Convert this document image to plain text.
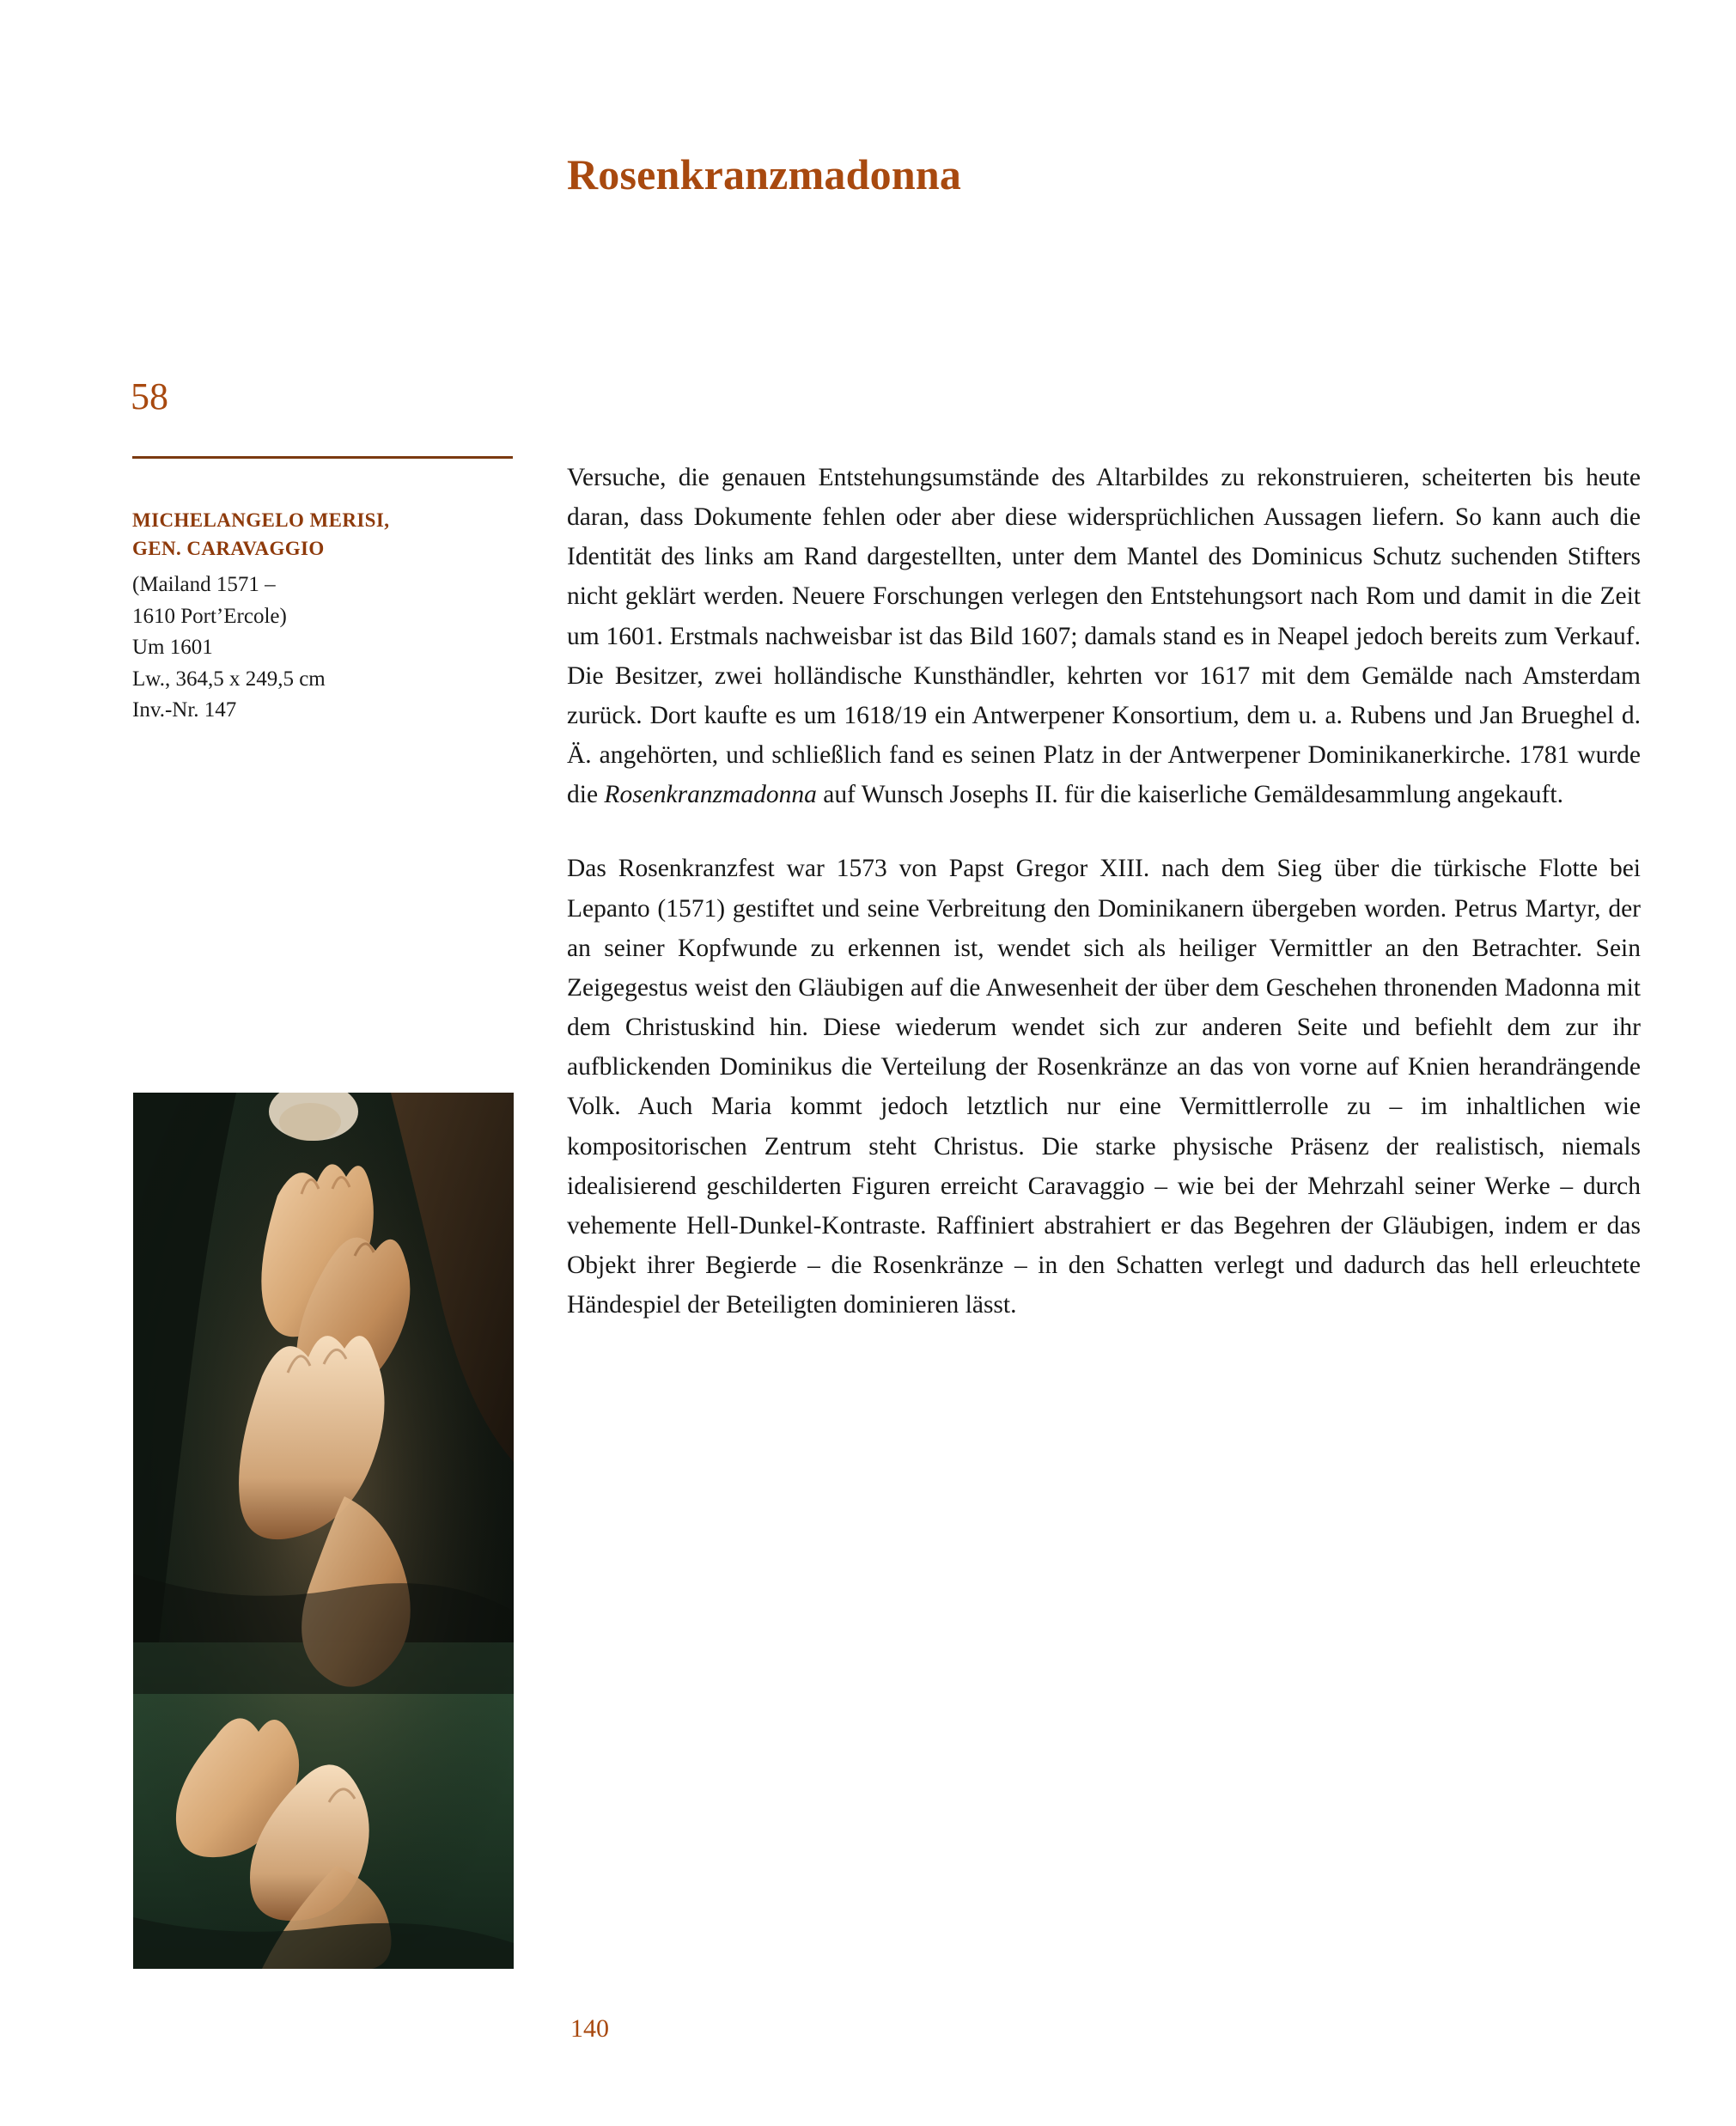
Rosenkranzmadonna
58
MICHELANGELO MERISI,
GEN. CARAVAGGIO
(Mailand 1571 –
1610 Port’Ercole)
Um 1601
Lw., 364,5 x 249,5 cm
Inv.-Nr. 147

Versuche, die genauen Entstehungsumstände des Altarbildes zu rekonstruieren, scheiterten bis heute daran, dass Dokumente fehlen oder aber diese widersprüchlichen Aussagen liefern. So kann auch die Identität des links am Rand dargestellten, unter dem Mantel des Dominicus Schutz suchenden Stifters nicht geklärt werden. Neuere Forschungen verlegen den Entstehungsort nach Rom und damit in die Zeit um 1601. Erstmals nachweisbar ist das Bild 1607; damals stand es in Neapel jedoch bereits zum Verkauf. Die Besitzer, zwei holländische Kunsthändler, kehrten vor 1617 mit dem Gemälde nach Amsterdam zurück. Dort kaufte es um 1618/19 ein Antwerpener Konsortium, dem u. a. Rubens und Jan Brueghel d. Ä. angehörten, und schließlich fand es seinen Platz in der Antwerpener Dominikanerkirche. 1781 wurde die Rosenkranzmadonna auf Wunsch Josephs II. für die kaiserliche Gemäldesammlung angekauft.

Das Rosenkranzfest war 1573 von Papst Gregor XIII. nach dem Sieg über die türkische Flotte bei Lepanto (1571) gestiftet und seine Verbreitung den Dominikanern übergeben worden. Petrus Martyr, der an seiner Kopfwunde zu erkennen ist, wendet sich als heiliger Vermittler an den Betrachter. Sein Zeigegestus weist den Gläubigen auf die Anwesenheit der über dem Geschehen thronenden Madonna mit dem Christuskind hin. Diese wiederum wendet sich zur anderen Seite und befiehlt dem zur ihr aufblickenden Dominikus die Verteilung der Rosenkränze an das von vorne auf Knien herandrängende Volk. Auch Maria kommt jedoch letztlich nur eine Vermittlerrolle zu – im inhaltlichen wie kompositorischen Zentrum steht Christus. Die starke physische Präsenz der realistisch, niemals idealisierend geschilderten Figuren erreicht Caravaggio – wie bei der Mehrzahl seiner Werke – durch vehemente Hell-Dunkel-Kontraste. Raffiniert abstrahiert er das Begehren der Gläubigen, indem er das Objekt ihrer Begierde – die Rosenkränze – in den Schatten verlegt und dadurch das hell erleuchtete Händespiel der Beteiligten dominieren lässt.

140
